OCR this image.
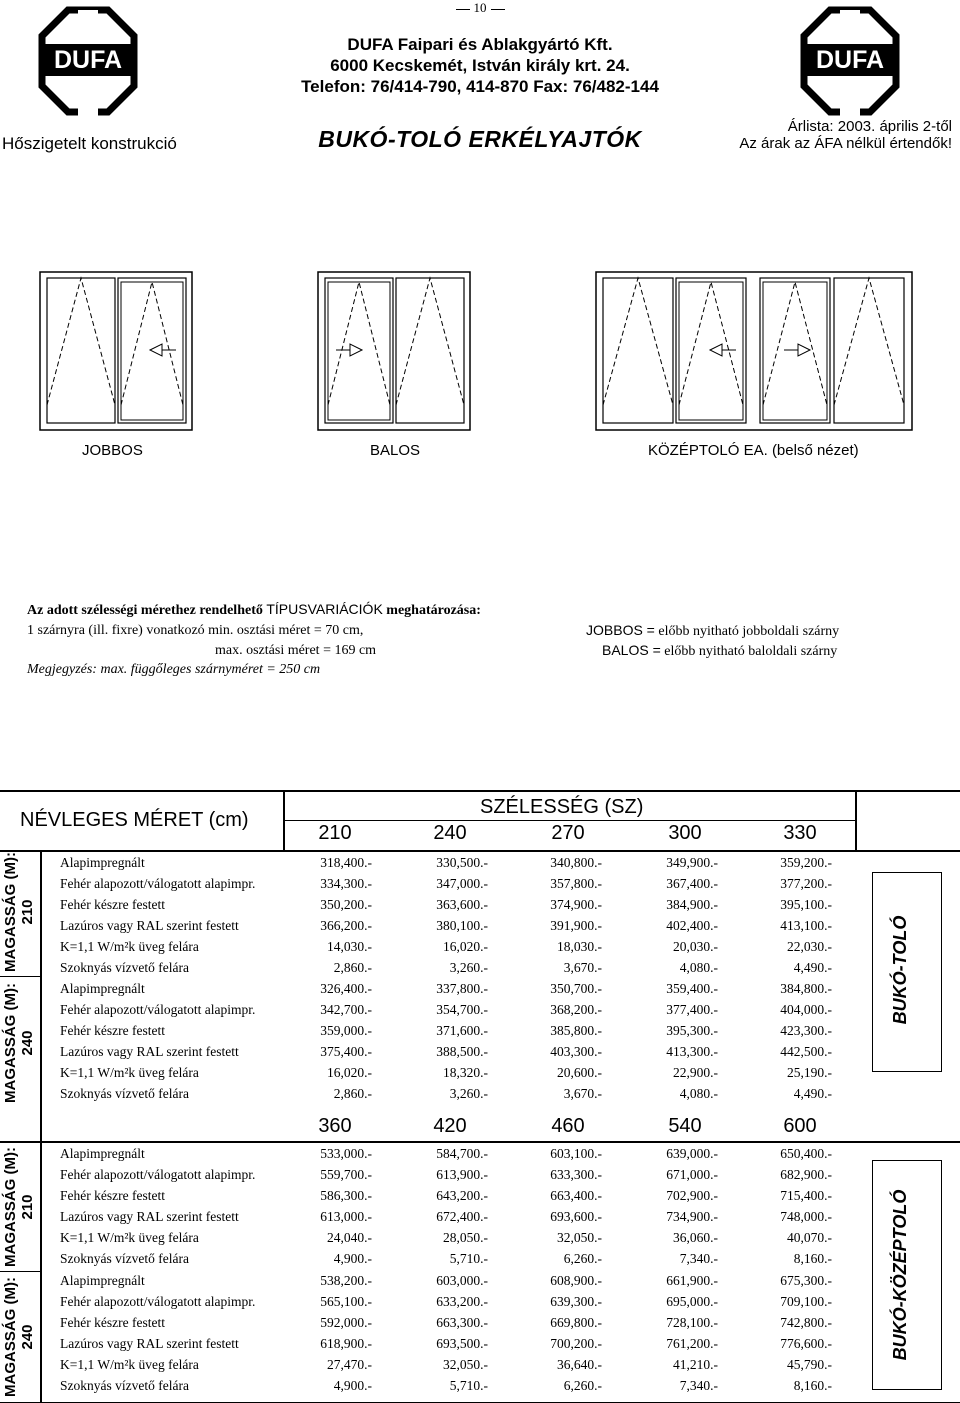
10
DUFA	DUFA
DUFA Faipari és Ablakgyártó Kft.
6000 Kecskemét, István király krt. 24.
Telefon: 76/414-790, 414-870 Fax: 76/482-144
Hőszigetelt konstrukció	BUKÓ-TOLÓ ERKÉLYAJTÓK	Árlista: 2003. április 2-től
Az árak az ÁFA nélkül értendők!
JOBBOS	BALOS	KÖZÉPTOLÓ EA. (belső nézet)
Az adott szélességi mérethez rendelhető TÍPUSVARIÁCIÓK meghatározása:
1 szárnyra (ill. fixre) vonatkozó min. osztási méret = 70 cm,
max. osztási méret = 169 cm
Megjegyzés: max. függőleges szárnyméret = 250 cm
JOBBOS = előbb nyitható jobboldali szárny
BALOS = előbb nyitható baloldali szárny
NÉVLEGES MÉRET (cm)
SZÉLESSÉG (SZ)
210	240	270	300	330
360	420	460	540	600
MAGASSÁG (M): 210
MAGASSÁG (M): 240
MAGASSÁG (M): 210
MAGASSÁG (M): 240
BUKÓ-TOLÓ
BUKÓ-KÖZÉPTOLÓ
Alapimpregnált	318,400.-	330,500.-	340,800.-	349,900.-	359,200.-
Fehér alapozott/válogatott alapimpr.	334,300.-	347,000.-	357,800.-	367,400.-	377,200.-
Fehér készre festett	350,200.-	363,600.-	374,900.-	384,900.-	395,100.-
Lazúros vagy RAL szerint festett	366,200.-	380,100.-	391,900.-	402,400.-	413,100.-
K=1,1 W/m²k üveg felára	14,030.-	16,020.-	18,030.-	20,030.-	22,030.-
Szoknyás vízvető felára	2,860.-	3,260.-	3,670.-	4,080.-	4,490.-
Alapimpregnált	326,400.-	337,800.-	350,700.-	359,400.-	384,800.-
Fehér alapozott/válogatott alapimpr.	342,700.-	354,700.-	368,200.-	377,400.-	404,000.-
Fehér készre festett	359,000.-	371,600.-	385,800.-	395,300.-	423,300.-
Lazúros vagy RAL szerint festett	375,400.-	388,500.-	403,300.-	413,300.-	442,500.-
K=1,1 W/m²k üveg felára	16,020.-	18,320.-	20,600.-	22,900.-	25,190.-
Szoknyás vízvető felára	2,860.-	3,260.-	3,670.-	4,080.-	4,490.-
Alapimpregnált	533,000.-	584,700.-	603,100.-	639,000.-	650,400.-
Fehér alapozott/válogatott alapimpr.	559,700.-	613,900.-	633,300.-	671,000.-	682,900.-
Fehér készre festett	586,300.-	643,200.-	663,400.-	702,900.-	715,400.-
Lazúros vagy RAL szerint festett	613,000.-	672,400.-	693,600.-	734,900.-	748,000.-
K=1,1 W/m²k üveg felára	24,040.-	28,050.-	32,050.-	36,060.-	40,070.-
Szoknyás vízvető felára	4,900.-	5,710.-	6,260.-	7,340.-	8,160.-
Alapimpregnált	538,200.-	603,000.-	608,900.-	661,900.-	675,300.-
Fehér alapozott/válogatott alapimpr.	565,100.-	633,200.-	639,300.-	695,000.-	709,100.-
Fehér készre festett	592,000.-	663,300.-	669,800.-	728,100.-	742,800.-
Lazúros vagy RAL szerint festett	618,900.-	693,500.-	700,200.-	761,200.-	776,600.-
K=1,1 W/m²k üveg felára	27,470.-	32,050.-	36,640.-	41,210.-	45,790.-
Szoknyás vízvető felára	4,900.-	5,710.-	6,260.-	7,340.-	8,160.-
